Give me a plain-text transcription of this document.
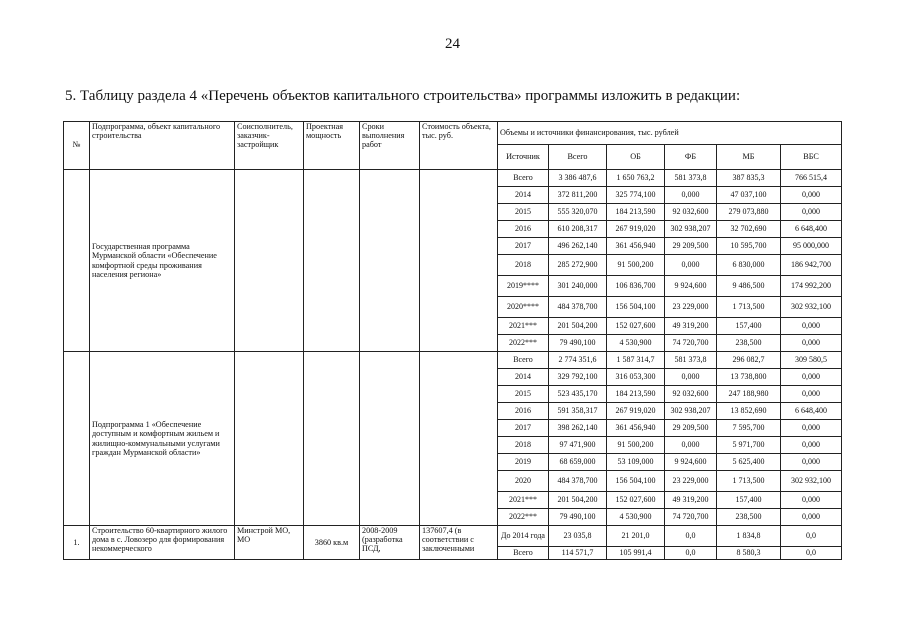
24
5. Таблицу раздела 4 «Перечень объектов капитального строительства» программы изложить в редакции:
№	Подпрограмма, объект капитального строительства	Соисполнитель, заказчик-застройщик	Проектная мощность	Сроки выполнения работ	Стоимость объекта, тыс. руб.	Объемы и источники финансирования, тыс. рублей					
						Источник	Всего	ОБ	ФБ	МБ	ВБС
	Государственная программа Мурманской области «Обеспечение комфортной среды проживания населения региона»					Всего	3 386 487,6	1 650 763,2	581 373,8	387 835,3	766 515,4
						2014	372 811,200	325 774,100	0,000	47 037,100	0,000
						2015	555 320,070	184 213,590	92 032,600	279 073,880	0,000
						2016	610 208,317	267 919,020	302 938,207	32 702,690	6 648,400
						2017	496 262,140	361 456,940	29 209,500	10 595,700	95 000,000
						2018	285 272,900	91 500,200	0,000	6 830,000	186 942,700
						2019****	301 240,000	106 836,700	9 924,600	9 486,500	174 992,200
						2020****	484 378,700	156 504,100	23 229,000	1 713,500	302 932,100
						2021***	201 504,200	152 027,600	49 319,200	157,400	0,000
						2022***	79 490,100	4 530,900	74 720,700	238,500	0,000
	Подпрограмма 1 «Обеспечение доступным и комфортным жильем и жилищно-коммунальными услугами граждан Мурманской области»					Всего	2 774 351,6	1 587 314,7	581 373,8	296 082,7	309 580,5
						2014	329 792,100	316 053,300	0,000	13 738,800	0,000
						2015	523 435,170	184 213,590	92 032,600	247 188,980	0,000
						2016	591 358,317	267 919,020	302 938,207	13 852,690	6 648,400
						2017	398 262,140	361 456,940	29 209,500	7 595,700	0,000
						2018	97 471,900	91 500,200	0,000	5 971,700	0,000
						2019	68 659,000	53 109,000	9 924,600	5 625,400	0,000
						2020	484 378,700	156 504,100	23 229,000	1 713,500	302 932,100
						2021***	201 504,200	152 027,600	49 319,200	157,400	0,000
						2022***	79 490,100	4 530,900	74 720,700	238,500	0,000
1.	Строительство 60-квартирного жилого дома в с. Ловозеро для формирования некоммерческого	Минстрой МО, МО	3860 кв.м	2008-2009 (разработка ПСД,	137607,4 (в соответствии с заключенными	До 2014 года	23 035,8	21 201,0	0,0	1 834,8	0,0
						Всего	114 571,7	105 991,4	0,0	8 580,3	0,0
